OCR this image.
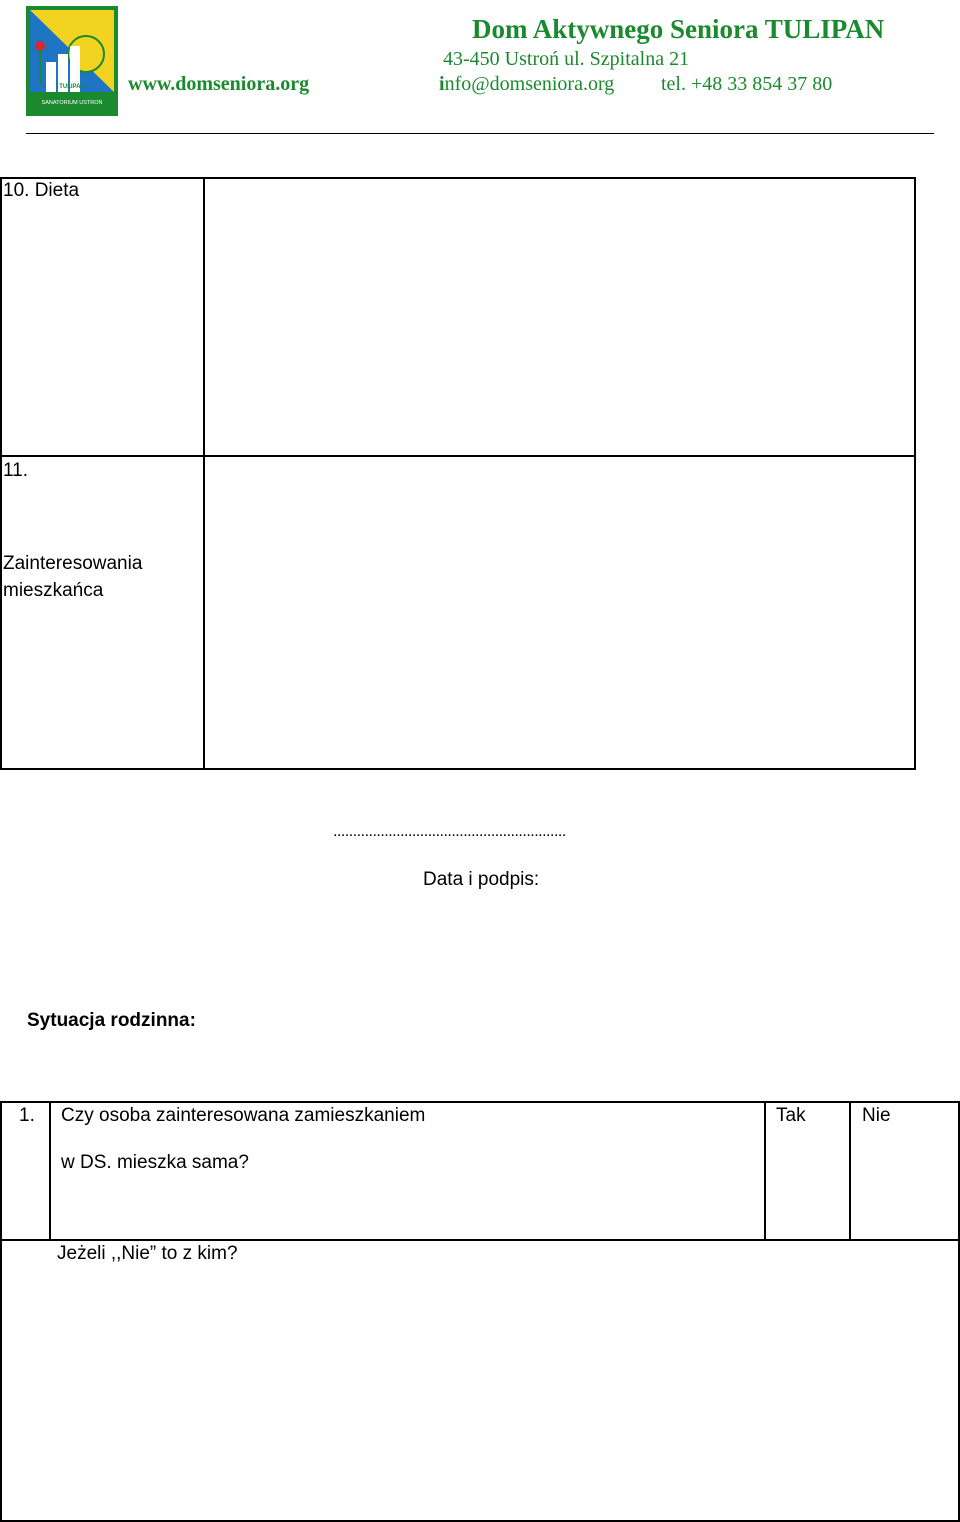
TULIPAN
SANATORIUM USTROŃ
Dom Aktywnego Seniora TULIPAN
43-450 Ustroń ul. Szpitalna 21
www.domseniora.org	info@domseniora.org tel. +48 33 854 37 80
10. Dieta
11.
Zainteresowania
mieszkańca
...........................................................
Data i podpis:
Sytuacja rodzinna:
1. Czy osoba zainteresowana zamieszkaniem
w DS. mieszka sama?
Tak	Nie
Jeżeli ,,Nie” to z kim?
